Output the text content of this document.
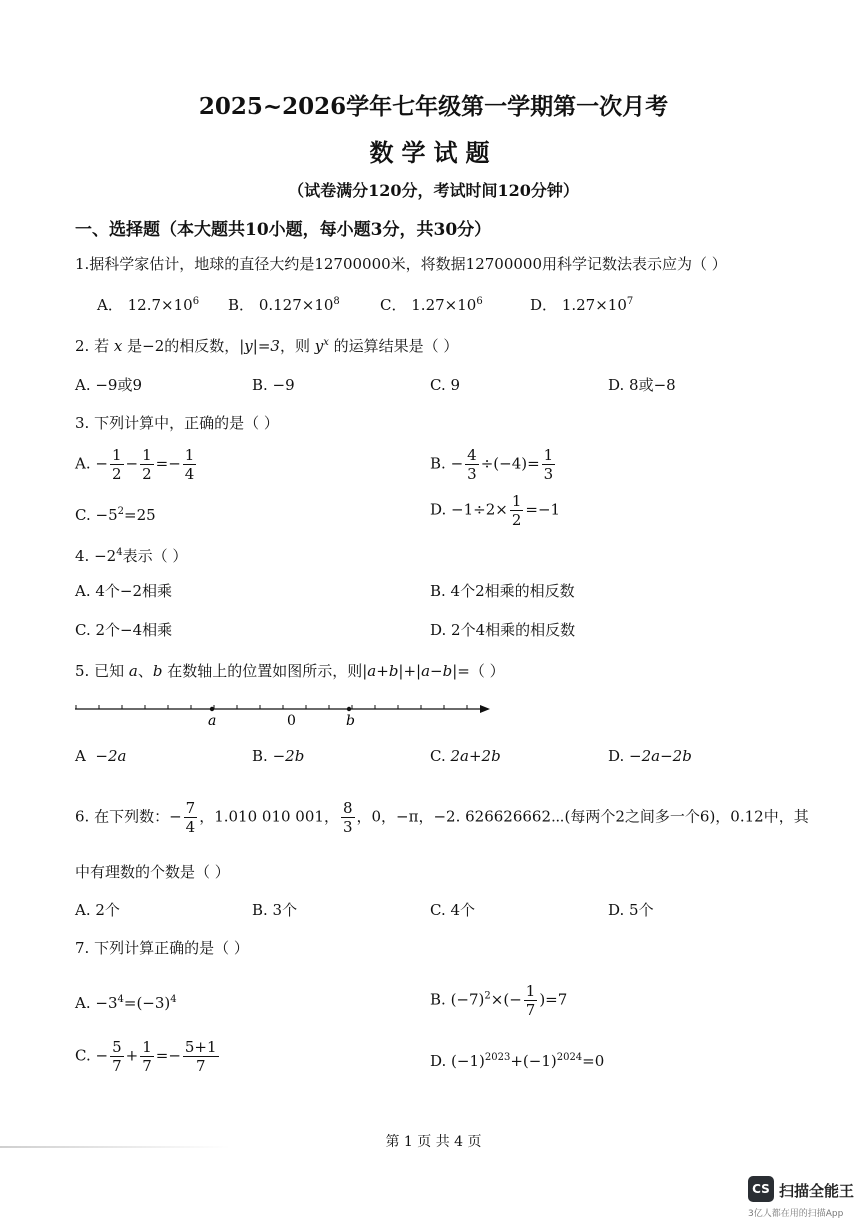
2025~2026学年七年级第一学期第一次月考
数学试题
（试卷满分120分，考试时间120分钟）
一、选择题（本大题共10小题，每小题3分，共30分）
1.据科学家估计，地球的直径大约是12700000米，将数据12700000用科学记数法表示应为（ ）
A． $12.7\times 10^6$ B． $0.127\times 10^8$	C． $1.27\times 10^6$	D． $1.27\times 10^7$
2. 若 x 是−2的相反数，|y|=3，则 $y^x$ 的运算结果是（ ）
A. −9或9	B. −9	C. 9	D. 8或−8
3. 下列计算中，正确的是（ ）
A. − $\frac{1}{2} - \frac{1}{2} =- \frac{1}{4}$	B. − $\frac{4}{3} \div(-4)= \frac{1}{3}$
C. $-5^2=25$	D. $-1\div 2\times \frac{1}{2} =-1$
4. $-2^4$表示（ ）
A. 4个−2相乘	B. 4个2相乘的相反数
C. 2个−4相乘	D. 2个4相乘的相反数
5. 已知 a、b 在数轴上的位置如图所示，则|a+b|+|a−b|=（ ）
a	0	b
A −2a	B. −2b	C. 2a+2b	D. −2a−2b
6. 在下列数：− $\frac{7}{4}$ ，1.010 010 001， $\frac{8}{3}$ ，0，−π，−2. 626626662⋯(每两个2之间多一个6)，0.12中，其
中有理数的个数是（ ）
A. 2个	B. 3个	C. 4个	D. 5个
7. 下列计算正确的是（ ）
A. $-3^4=(-3)^4$	B. $(-7)^2\times(- \frac{1}{7} )=7$
C. − $\frac{5}{7} + \frac{1}{7} =- \frac{5+1}{7}$	D. $(-1)^{2023}+(-1)^{2024}=0$
第 1 页 共 4 页
CS 扫描全能王
3亿人都在用的扫描App
